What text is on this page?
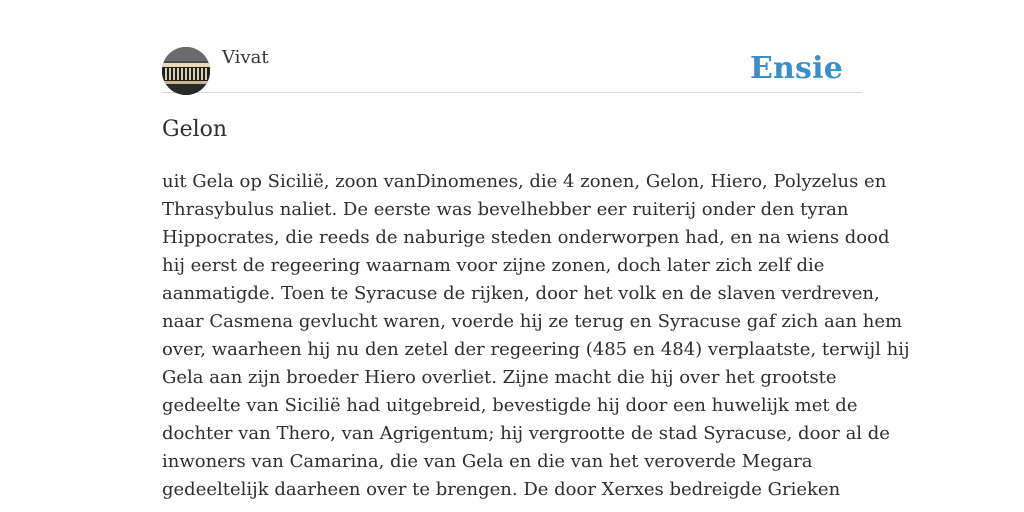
Vivat	Ensie
Gelon
uit Gela op Sicilië, zoon vanDinomenes, die 4 zonen, Gelon, Hiero, Polyzelus en
Thrasybulus naliet. De eerste was bevelhebber eer ruiterij onder den tyran
Hippocrates, die reeds de naburige steden onderworpen had, en na wiens dood
hij eerst de regeering waarnam voor zijne zonen, doch later zich zelf die
aanmatigde. Toen te Syracuse de rijken, door het volk en de slaven verdreven,
naar Casmena gevlucht waren, voerde hij ze terug en Syracuse gaf zich aan hem
over, waarheen hij nu den zetel der regeering (485 en 484) verplaatste, terwijl hij
Gela aan zijn broeder Hiero overliet. Zijne macht die hij over het grootste
gedeelte van Sicilië had uitgebreid, bevestigde hij door een huwelijk met de
dochter van Thero, van Agrigentum; hij vergrootte de stad Syracuse, door al de
inwoners van Camarina, die van Gela en die van het veroverde Megara
gedeeltelijk daarheen over te brengen. De door Xerxes bedreigde Grieken
